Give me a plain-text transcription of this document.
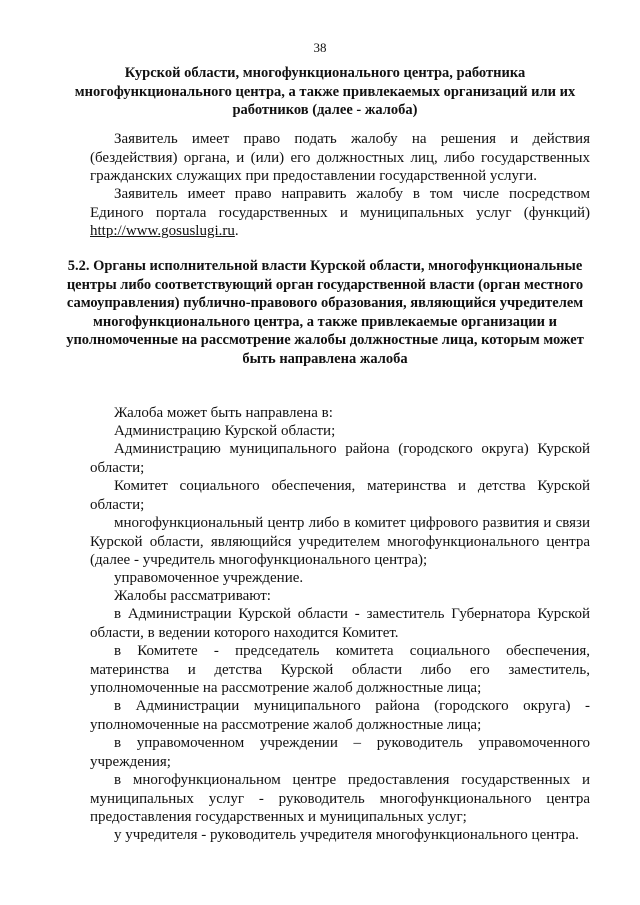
38
Курской области, многофункционального центра, работника многофункционального центра, а также привлекаемых организаций или их работников (далее - жалоба)
Заявитель имеет право подать жалобу на решения и действия (бездействия) органа, и (или) его должностных лиц, либо государственных гражданских служащих при предоставлении государственной услуги.
Заявитель имеет право направить жалобу в том числе посредством Единого портала государственных и муниципальных услуг (функций) http://www.gosuslugi.ru.
5.2. Органы исполнительной власти Курской области, многофункциональные центры либо соответствующий орган государственной власти (орган местного самоуправления) публично-правового образования, являющийся учредителем многофункционального центра, а также привлекаемые организации и уполномоченные на рассмотрение жалобы должностные лица, которым может быть направлена жалоба
Жалоба может быть направлена в:
Администрацию Курской области;
Администрацию муниципального района (городского округа) Курской области;
Комитет социального обеспечения, материнства и детства Курской области;
многофункциональный центр либо в комитет цифрового развития и связи Курской области, являющийся учредителем многофункционального центра (далее - учредитель многофункционального центра);
управомоченное учреждение.
Жалобы рассматривают:
в Администрации Курской области - заместитель Губернатора Курской области, в ведении которого находится Комитет.
в Комитете - председатель комитета социального обеспечения, материнства и детства Курской области либо его заместитель, уполномоченные на рассмотрение жалоб должностные лица;
в Администрации муниципального района (городского округа) - уполномоченные на рассмотрение жалоб должностные лица;
в управомоченном учреждении – руководитель управомоченного учреждения;
в многофункциональном центре предоставления государственных и муниципальных услуг - руководитель многофункционального центра предоставления государственных и муниципальных услуг;
у учредителя - руководитель учредителя многофункционального центра.
